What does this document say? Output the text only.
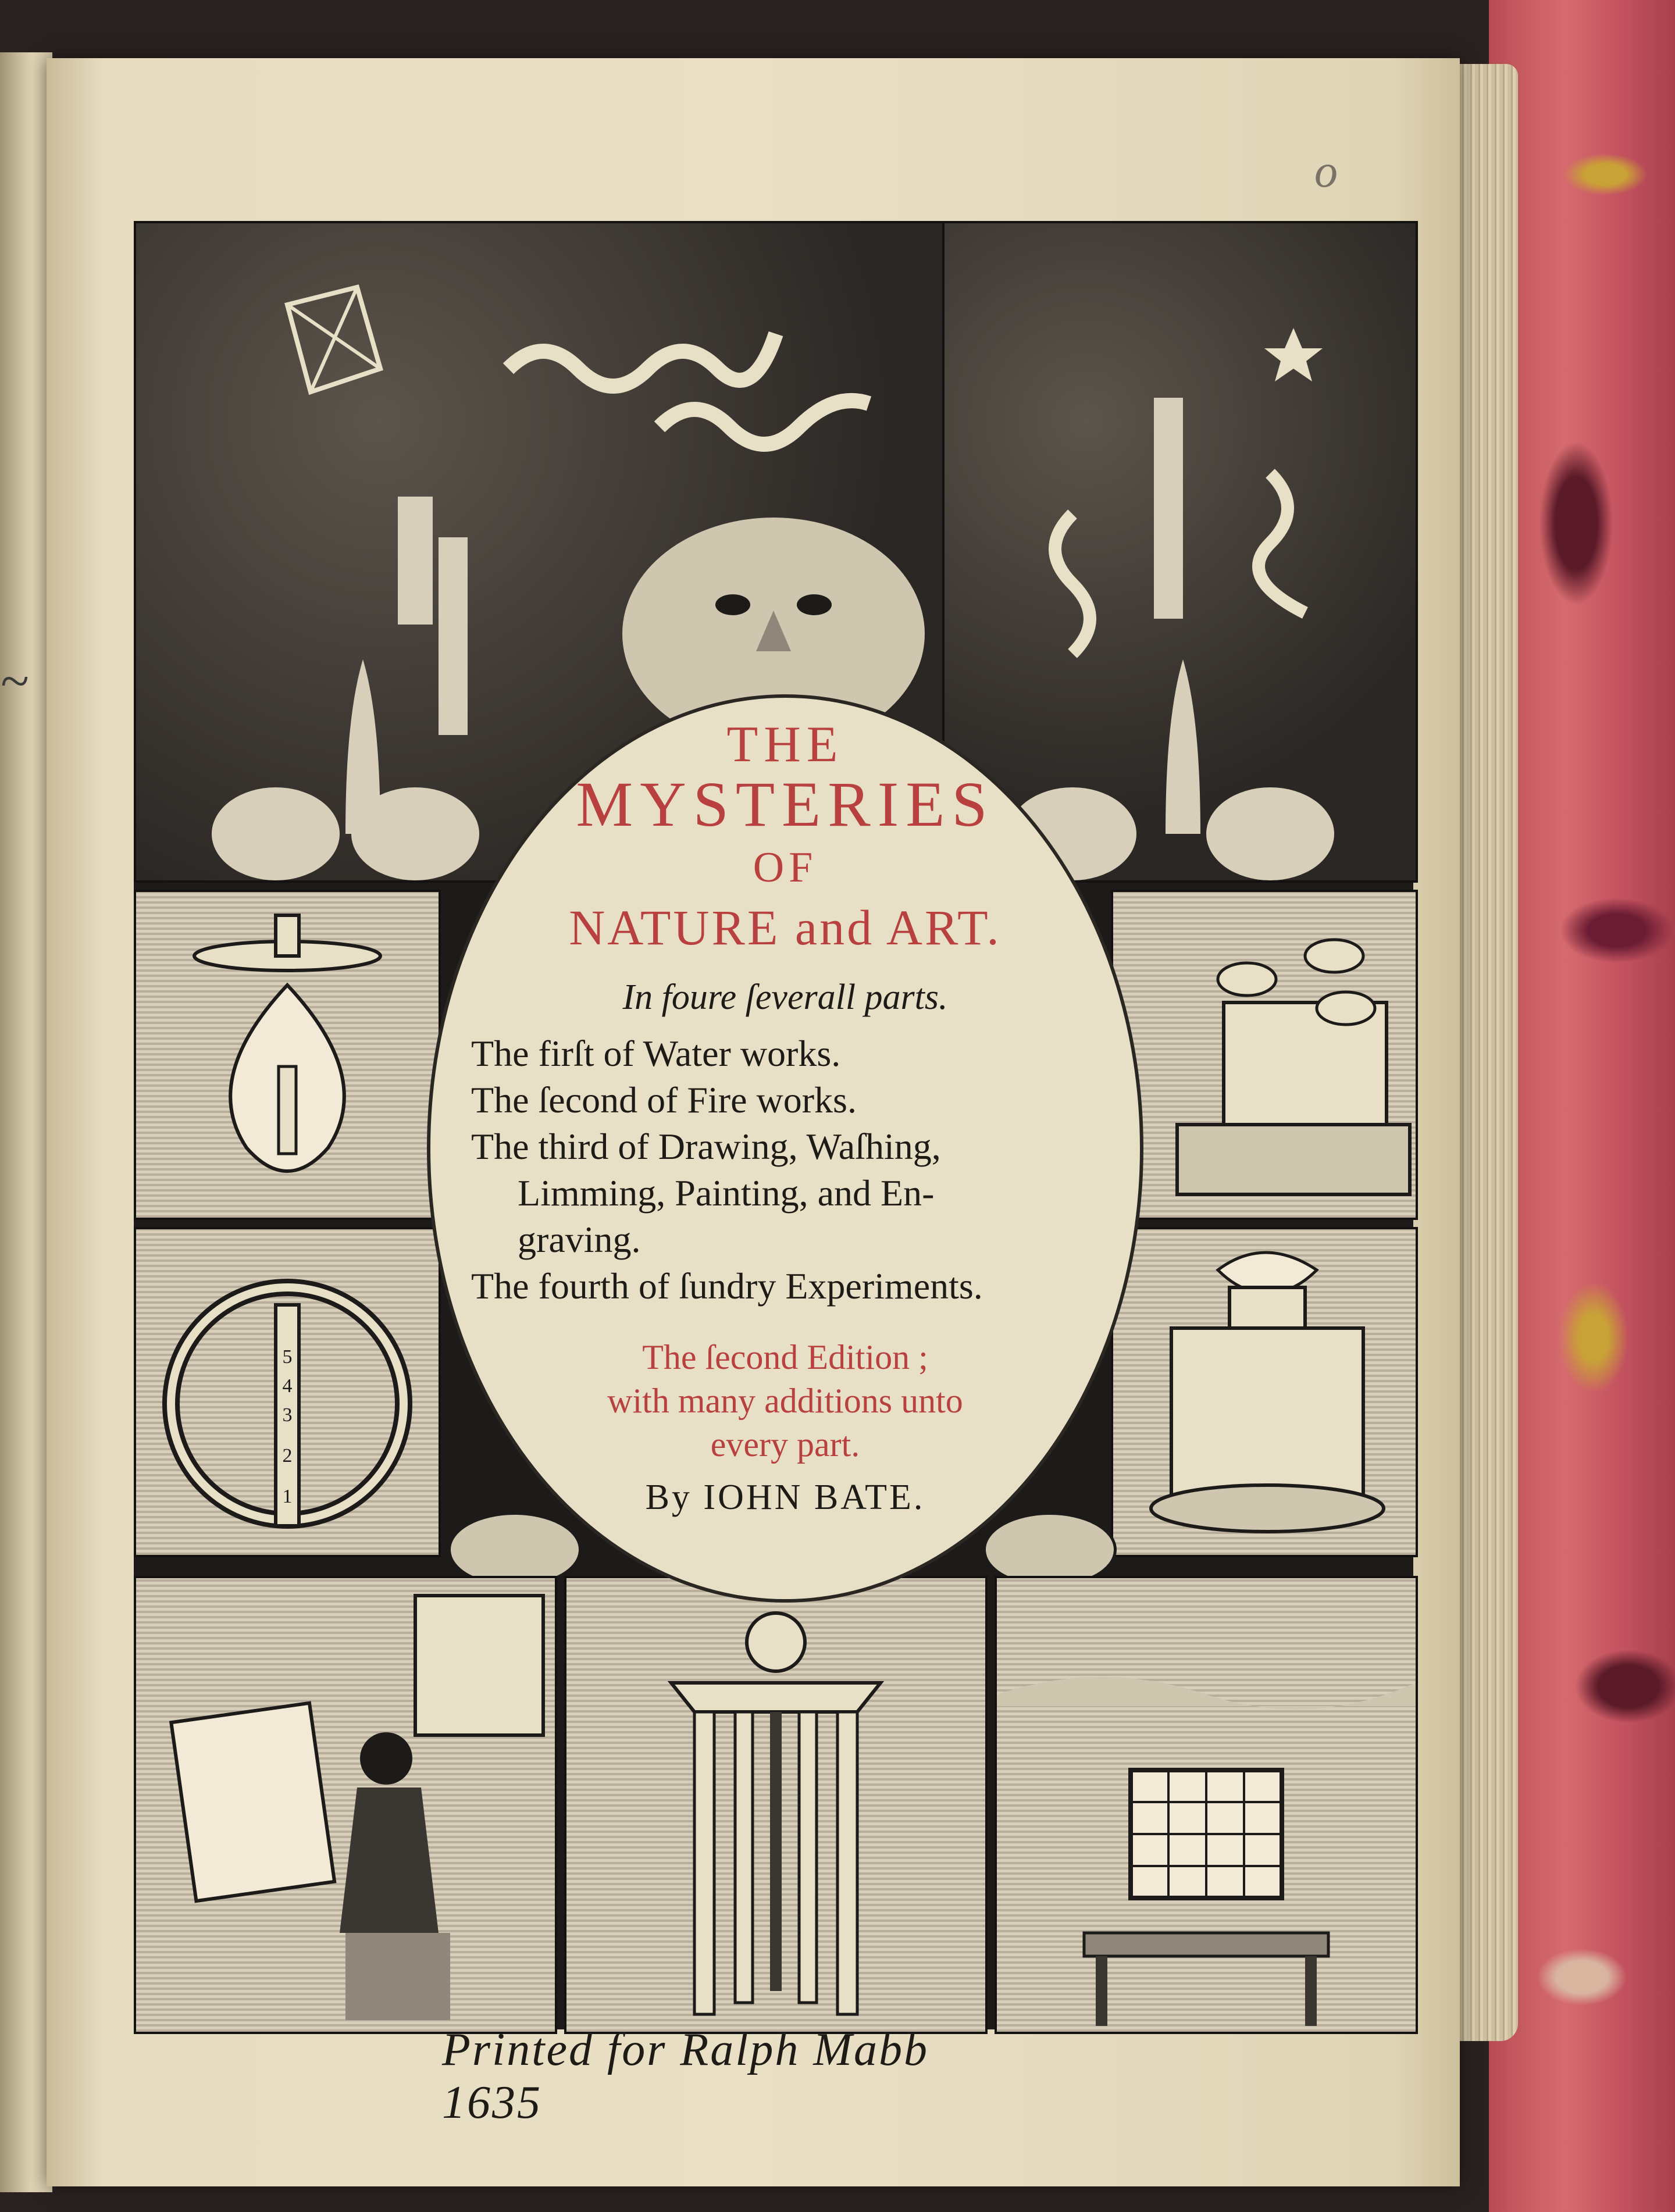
~
o
5
4
3
2
1
THE
MYSTERIES
OF
NATURE and ART.
In foure ſeverall parts.
The firſt of Water works.
The ſecond of Fire works.
The third of Drawing, Waſhing,
Limming, Painting, and En-
graving.
The fourth of ſundry Experiments.
The ſecond Edition ;
with many additions unto
every part.
By IOHN BATE.
Printed for Ralph Mabb 1635
